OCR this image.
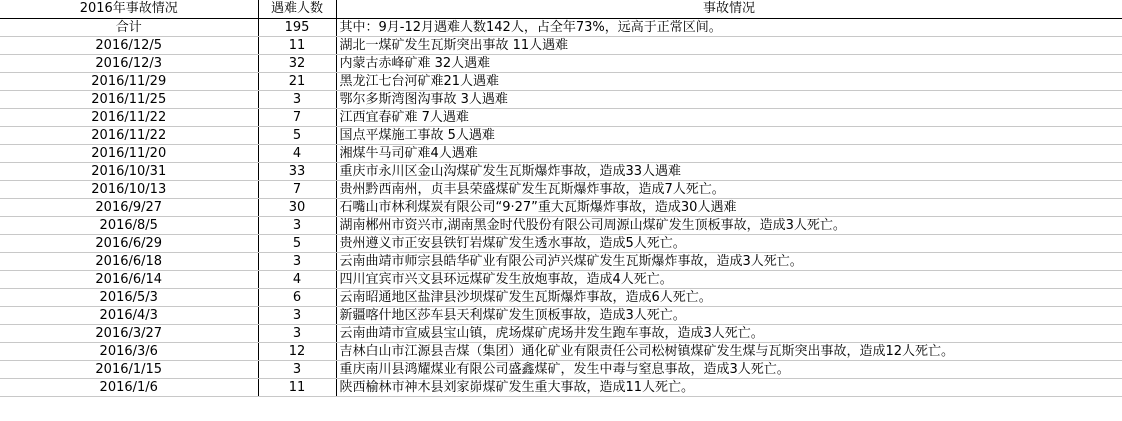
2016年事故情况	遇难人数	事故情况
合计	195	其中：9月-12月遇难人数142人，占全年73%，远高于正常区间。
2016/12/5	11	湖北一煤矿发生瓦斯突出事故 11人遇难
2016/12/3	32	内蒙古赤峰矿难 32人遇难
2016/11/29	21	黑龙江七台河矿难21人遇难
2016/11/25	3	鄂尔多斯湾图沟事故 3人遇难
2016/11/22	7	江西宜春矿难 7人遇难
2016/11/22	5	国点平煤施工事故 5人遇难
2016/11/20	4	湘煤牛马司矿难4人遇难
2016/10/31	33	重庆市永川区金山沟煤矿发生瓦斯爆炸事故，造成33人遇难
2016/10/13	7	贵州黔西南州，贞丰县荣盛煤矿发生瓦斯爆炸事故，造成7人死亡。
2016/9/27	30	石嘴山市林利煤炭有限公司“9·27”重大瓦斯爆炸事故，造成30人遇难
2016/8/5	3	湖南郴州市资兴市,湖南黑金时代股份有限公司周源山煤矿发生顶板事故，造成3人死亡。
2016/6/29	5	贵州遵义市正安县铁钉岩煤矿发生透水事故，造成5人死亡。
2016/6/18	3	云南曲靖市师宗县皓华矿业有限公司泸兴煤矿发生瓦斯爆炸事故，造成3人死亡。
2016/6/14	4	四川宜宾市兴文县环远煤矿发生放炮事故，造成4人死亡。
2016/5/3	6	云南昭通地区盐津县沙坝煤矿发生瓦斯爆炸事故，造成6人死亡。
2016/4/3	3	新疆喀什地区莎车县天利煤矿发生顶板事故，造成3人死亡。
2016/3/27	3	云南曲靖市宣威县宝山镇，虎场煤矿虎场井发生跑车事故，造成3人死亡。
2016/3/6	12	吉林白山市江源县吉煤（集团）通化矿业有限责任公司松树镇煤矿发生煤与瓦斯突出事故，造成12人死亡。
2016/1/15	3	重庆南川县鸿耀煤业有限公司盛鑫煤矿，发生中毒与窒息事故，造成3人死亡。
2016/1/6	11	陕西榆林市神木县刘家峁煤矿发生重大事故，造成11人死亡。
